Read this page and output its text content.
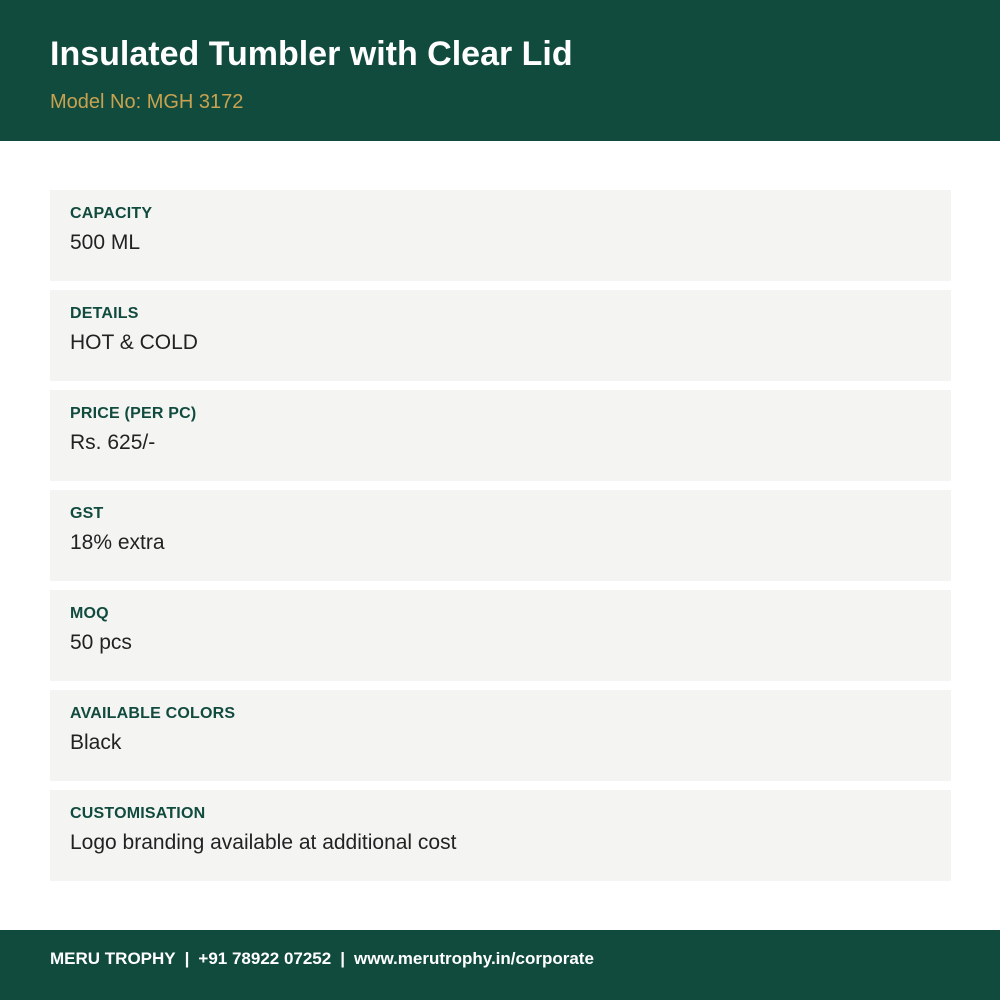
Insulated Tumbler with Clear Lid
Model No: MGH 3172
CAPACITY
500 ML
DETAILS
HOT & COLD
PRICE (PER PC)
Rs. 625/-
GST
18% extra
MOQ
50 pcs
AVAILABLE COLORS
Black
CUSTOMISATION
Logo branding available at additional cost
MERU TROPHY | +91 78922 07252 | www.merutrophy.in/corporate
